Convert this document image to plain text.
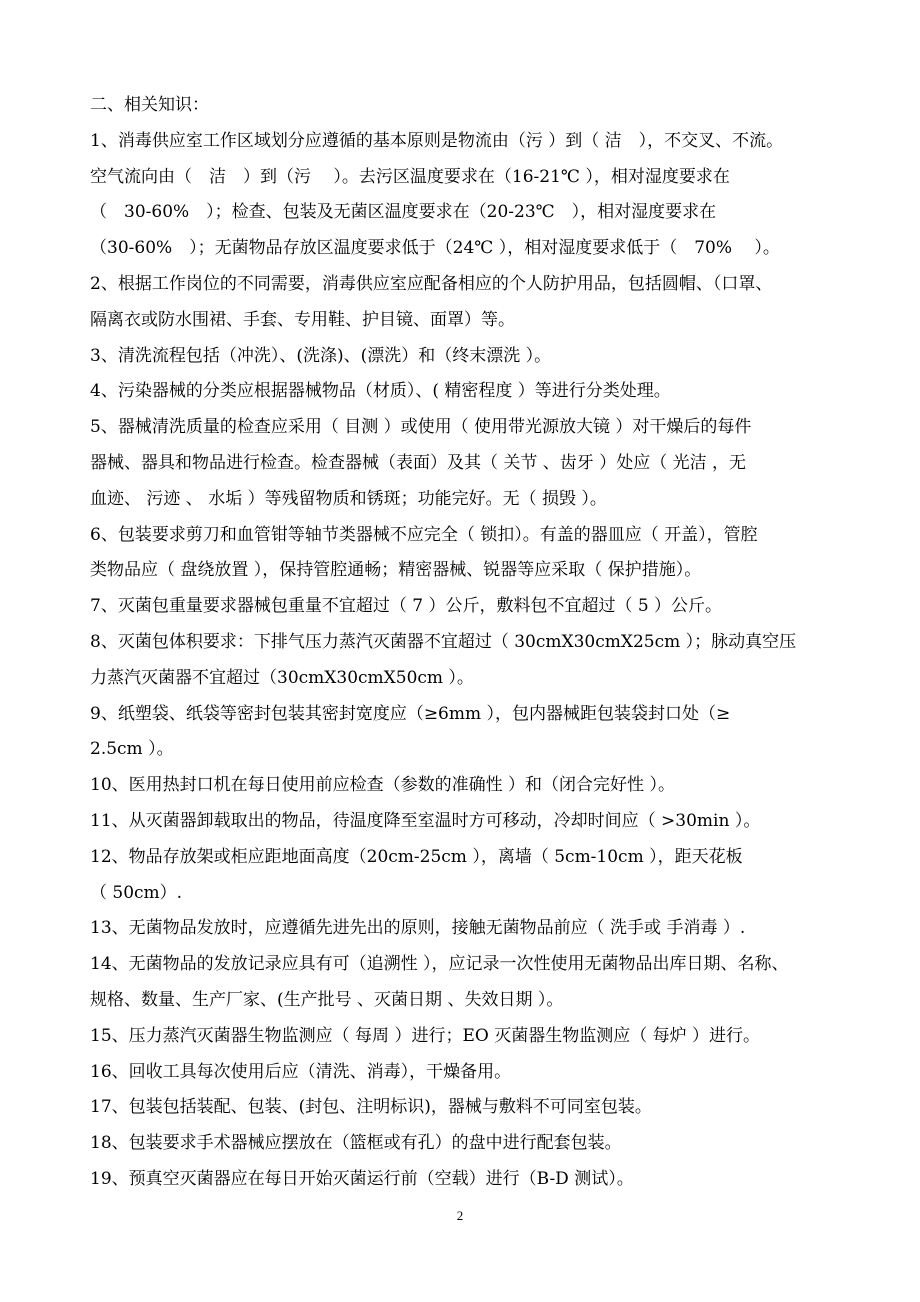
二、相关知识：
1、消毒供应室工作区域划分应遵循的基本原则是物流由（污 ）到（ 洁　），不交叉、不流。
空气流向由（　洁　）到（污　 ）。去污区温度要求在（16-21℃ ），相对湿度要求在
（　30-60%　）；检查、包装及无菌区温度要求在（20-23℃　），相对湿度要求在
（30-60%　）；无菌物品存放区温度要求低于（24℃ ），相对湿度要求低于（　70%　 ）。
2、根据工作岗位的不同需要，消毒供应室应配备相应的个人防护用品，包括圆帽、（口罩、
隔离衣或防水围裙、手套、专用鞋、护目镜、面罩）等。
3、清洗流程包括（冲洗）、(洗涤)、(漂洗）和（终末漂洗 ）。
4、污染器械的分类应根据器械物品（材质）、( 精密程度 ）等进行分类处理。
5、器械清洗质量的检查应采用（ 目测 ）或使用（ 使用带光源放大镜 ）对干燥后的每件
器械、器具和物品进行检查。检查器械（表面）及其（ 关节 、齿牙 ）处应（ 光洁 ，无
血迹、 污迹 、 水垢 ）等残留物质和锈斑；功能完好。无（ 损毁 ）。
6、包装要求剪刀和血管钳等轴节类器械不应完全（ 锁扣）。有盖的器皿应（ 开盖），管腔
类物品应（ 盘绕放置 ），保持管腔通畅；精密器械、锐器等应采取（ 保护措施）。
7、灭菌包重量要求器械包重量不宜超过（ 7 ）公斤，敷料包不宜超过（ 5 ）公斤。
8、灭菌包体积要求：下排气压力蒸汽灭菌器不宜超过（ 30cmX30cmX25cm ）；脉动真空压
力蒸汽灭菌器不宜超过（30cmX30cmX50cm ）。
9、纸塑袋、纸袋等密封包装其密封宽度应（≥6mm ），包内器械距包装袋封口处（≥
2.5cm ）。
10、医用热封口机在每日使用前应检查（参数的准确性 ）和（闭合完好性 ）。
11、从灭菌器卸载取出的物品，待温度降至室温时方可移动，冷却时间应（ >30min ）。
12、物品存放架或柜应距地面高度（20cm-25cm ），离墙（ 5cm-10cm ），距天花板
（ 50cm）.
13、无菌物品发放时，应遵循先进先出的原则，接触无菌物品前应（ 洗手或 手消毒 ）.
14、无菌物品的发放记录应具有可（追溯性 ），应记录一次性使用无菌物品出库日期、名称、
规格、数量、生产厂家、(生产批号 、灭菌日期 、失效日期 ）。
15、压力蒸汽灭菌器生物监测应（ 每周 ）进行；EO 灭菌器生物监测应（ 每炉 ）进行。
16、回收工具每次使用后应（清洗、消毒），干燥备用。
17、包装包括装配、包装、(封包、注明标识)，器械与敷料不可同室包装。
18、包装要求手术器械应摆放在（篮框或有孔）的盘中进行配套包装。
19、预真空灭菌器应在每日开始灭菌运行前（空载）进行（B-D 测试）。
2
